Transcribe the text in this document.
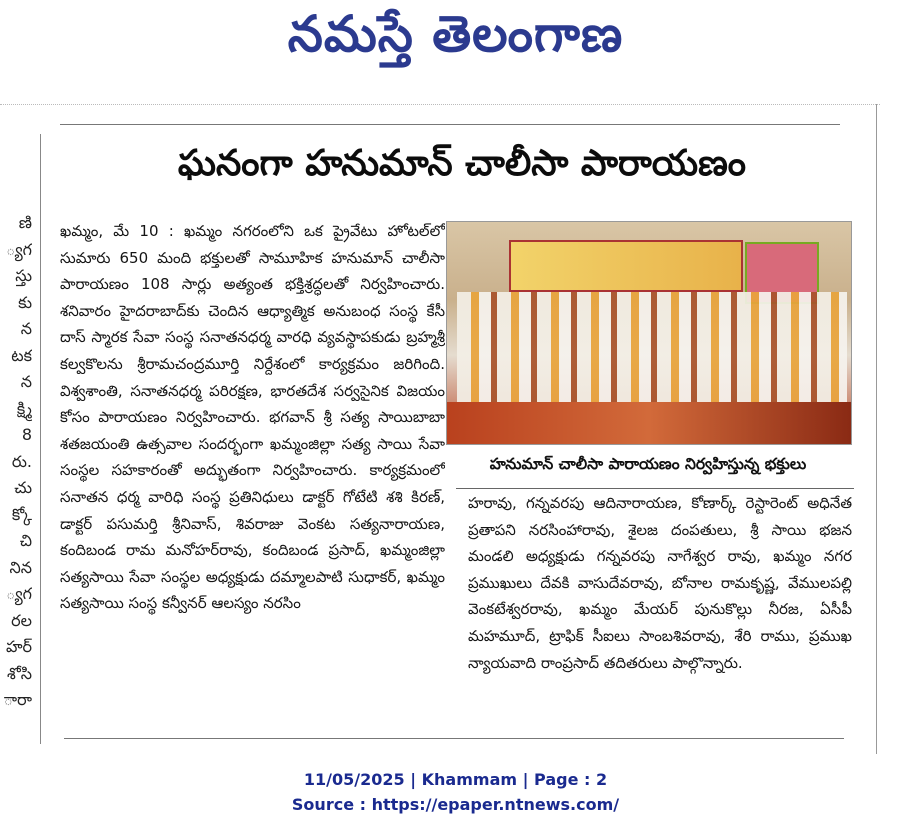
నమస్తే తెలంగాణ
ణి
్యగ
స్తు
కు
న
టక
న
క్ష్మి
8
రు.
చు
క్కో
చి
నిన
్యగ
రల
హర్
శోసి
ారా
ఘనంగా హనుమాన్ చాలీసా పారాయణం
ఖమ్మం, మే 10 : ఖమ్మం నగరంలోని ఒక ప్రైవేటు హోటల్‌లో సుమారు 650 మంది భక్తులతో సామూహిక హనుమాన్ చాలీసా పారాయణం 108 సార్లు అత్యంత భక్తిశ్రద్ధలతో నిర్వహించారు. శనివారం హైదరాబాద్‌కు చెందిన ఆధ్యాత్మిక అనుబంధ సంస్థ కేసీ దాస్ స్మారక సేవా సంస్థ సనాతనధర్మ వారధి వ్యవస్థాపకుడు బ్రహ్మశ్రీ కల్వకొలను శ్రీరామచంద్రమూర్తి నిర్దేశంలో కార్యక్రమం జరిగింది. విశ్వశాంతి, సనాతనధర్మ పరిరక్షణ, భారతదేశ సర్వసైనిక విజయం కోసం పారాయణం నిర్వహించారు. భగవాన్ శ్రీ సత్య సాయిబాబా శతజయంతి ఉత్సవాల సందర్భంగా ఖమ్మంజిల్లా సత్య సాయి సేవా సంస్థల సహకారంతో అద్భుతంగా నిర్వహించారు. కార్యక్రమంలో సనాతన ధర్మ వారిధి సంస్థ ప్రతినిధులు డాక్టర్ గోటేటి శశి కిరణ్, డాక్టర్ పసుమర్తి శ్రీనివాస్, శివరాజు వెంకట సత్యనారాయణ, కందిబండ రామ మనోహర్‌రావు, కందిబండ ప్రసాద్, ఖమ్మంజిల్లా సత్యసాయి సేవా సంస్థల అధ్యక్షుడు దమ్మాలపాటి సుధాకర్, ఖమ్మం సత్యసాయి సంస్థ కన్వీనర్ ఆలస్యం నరసిం
హనుమాన్ చాలీసా పారాయణం నిర్వహిస్తున్న భక్తులు
హరావు, గన్నవరపు ఆదినారాయణ, కోణార్క్ రెస్టారెంట్ అధినేత ప్రతాపని నరసింహారావు, శైలజ దంపతులు, శ్రీ సాయి భజన మండలి అధ్యక్షుడు గన్నవరపు నాగేశ్వర రావు, ఖమ్మం నగర ప్రముఖులు దేవకి వాసుదేవరావు, బోనాల రామకృష్ణ, వేములపల్లి వెంకటేశ్వరరావు, ఖమ్మం మేయర్ పునుకొల్లు నీరజ, ఏసీపీ మహమూద్, ట్రాఫిక్ సీఐలు సాంబశివరావు, శేరి రాము, ప్రముఖ న్యాయవాది రాంప్రసాద్ తదితరులు పాల్గొన్నారు.
11/05/2025 | Khammam | Page : 2
Source : https://epaper.ntnews.com/
